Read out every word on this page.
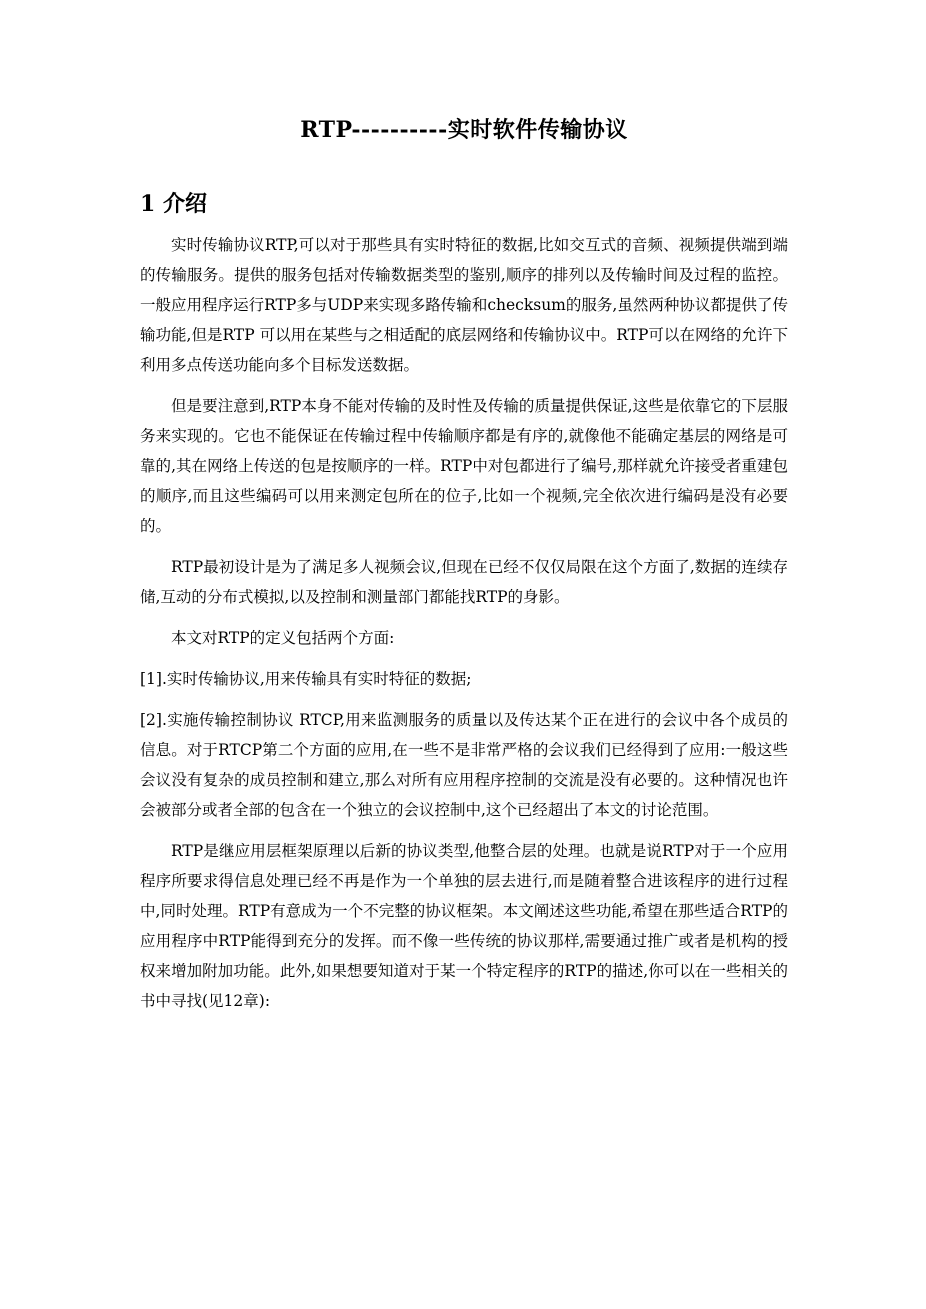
RTP----------实时软件传输协议
1 介绍

实时传输协议RTP,可以对于那些具有实时特征的数据,比如交互式的音频、视频提供端到端的传输服务。提供的服务包括对传输数据类型的鉴别,顺序的排列以及传输时间及过程的监控。一般应用程序运行RTP多与UDP来实现多路传输和checksum的服务,虽然两种协议都提供了传输功能,但是RTP 可以用在某些与之相适配的底层网络和传输协议中。RTP可以在网络的允许下利用多点传送功能向多个目标发送数据。

但是要注意到,RTP本身不能对传输的及时性及传输的质量提供保证,这些是依靠它的下层服务来实现的。它也不能保证在传输过程中传输顺序都是有序的,就像他不能确定基层的网络是可靠的,其在网络上传送的包是按顺序的一样。RTP中对包都进行了编号,那样就允许接受者重建包的顺序,而且这些编码可以用来测定包所在的位子,比如一个视频,完全依次进行编码是没有必要的。

RTP最初设计是为了满足多人视频会议,但现在已经不仅仅局限在这个方面了,数据的连续存储,互动的分布式模拟,以及控制和测量部门都能找RTP的身影。

本文对RTP的定义包括两个方面:

[1].实时传输协议,用来传输具有实时特征的数据;

[2].实施传输控制协议 RTCP,用来监测服务的质量以及传达某个正在进行的会议中各个成员的信息。对于RTCP第二个方面的应用,在一些不是非常严格的会议我们已经得到了应用:一般这些会议没有复杂的成员控制和建立,那么对所有应用程序控制的交流是没有必要的。这种情况也许会被部分或者全部的包含在一个独立的会议控制中,这个已经超出了本文的讨论范围。

RTP是继应用层框架原理以后新的协议类型,他整合层的处理。也就是说RTP对于一个应用程序所要求得信息处理已经不再是作为一个单独的层去进行,而是随着整合进该程序的进行过程中,同时处理。RTP有意成为一个不完整的协议框架。本文阐述这些功能,希望在那些适合RTP的应用程序中RTP能得到充分的发挥。而不像一些传统的协议那样,需要通过推广或者是机构的授权来增加附加功能。此外,如果想要知道对于某一个特定程序的RTP的描述,你可以在一些相关的书中寻找(见12章):
